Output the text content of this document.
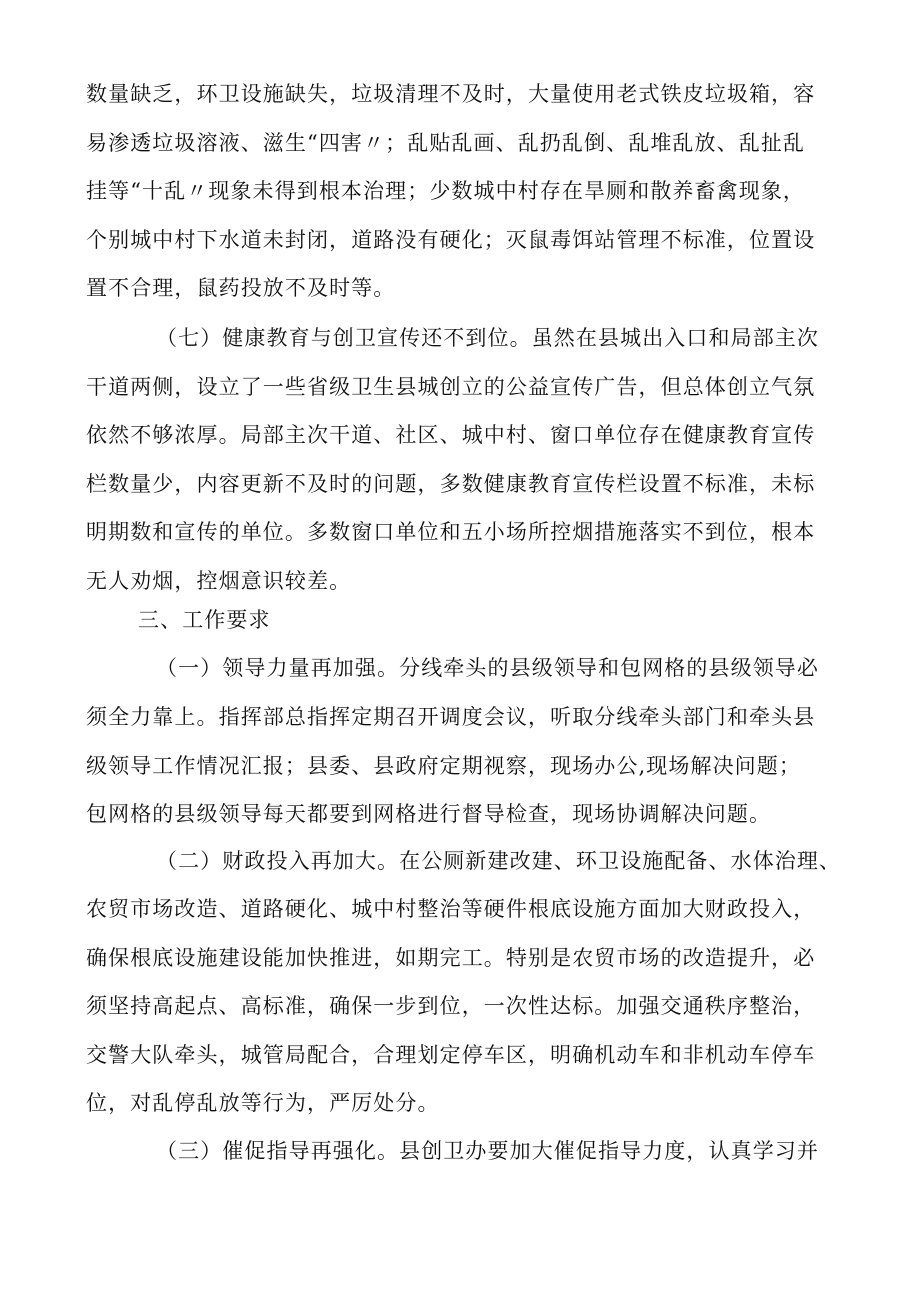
数量缺乏，环卫设施缺失，垃圾清理不及时，大量使用老式铁皮垃圾箱，容
易渗透垃圾溶液、滋生“四害〃；乱贴乱画、乱扔乱倒、乱堆乱放、乱扯乱
挂等“十乱〃现象未得到根本治理；少数城中村存在旱厕和散养畜禽现象，
个别城中村下水道未封闭，道路没有硬化；灭鼠毒饵站管理不标准，位置设
置不合理，鼠药投放不及时等。
（七）健康教育与创卫宣传还不到位。虽然在县城出入口和局部主次
干道两侧，设立了一些省级卫生县城创立的公益宣传广告，但总体创立气氛
依然不够浓厚。局部主次干道、社区、城中村、窗口单位存在健康教育宣传
栏数量少，内容更新不及时的问题，多数健康教育宣传栏设置不标准，未标
明期数和宣传的单位。多数窗口单位和五小场所控烟措施落实不到位，根本
无人劝烟，控烟意识较差。
三、工作要求
（一）领导力量再加强。分线牵头的县级领导和包网格的县级领导必
须全力靠上。指挥部总指挥定期召开调度会议，听取分线牵头部门和牵头县
级领导工作情况汇报；县委、县政府定期视察，现场办公,现场解决问题；
包网格的县级领导每天都要到网格进行督导检查，现场协调解决问题。
（二）财政投入再加大。在公厕新建改建、环卫设施配备、水体治理、
农贸市场改造、道路硬化、城中村整治等硬件根底设施方面加大财政投入，
确保根底设施建设能加快推进，如期完工。特别是农贸市场的改造提升，必
须坚持高起点、高标准，确保一步到位，一次性达标。加强交通秩序整治，
交警大队牵头，城管局配合，合理划定停车区，明确机动车和非机动车停车
位，对乱停乱放等行为，严厉处分。
（三）催促指导再强化。县创卫办要加大催促指导力度，认真学习并
